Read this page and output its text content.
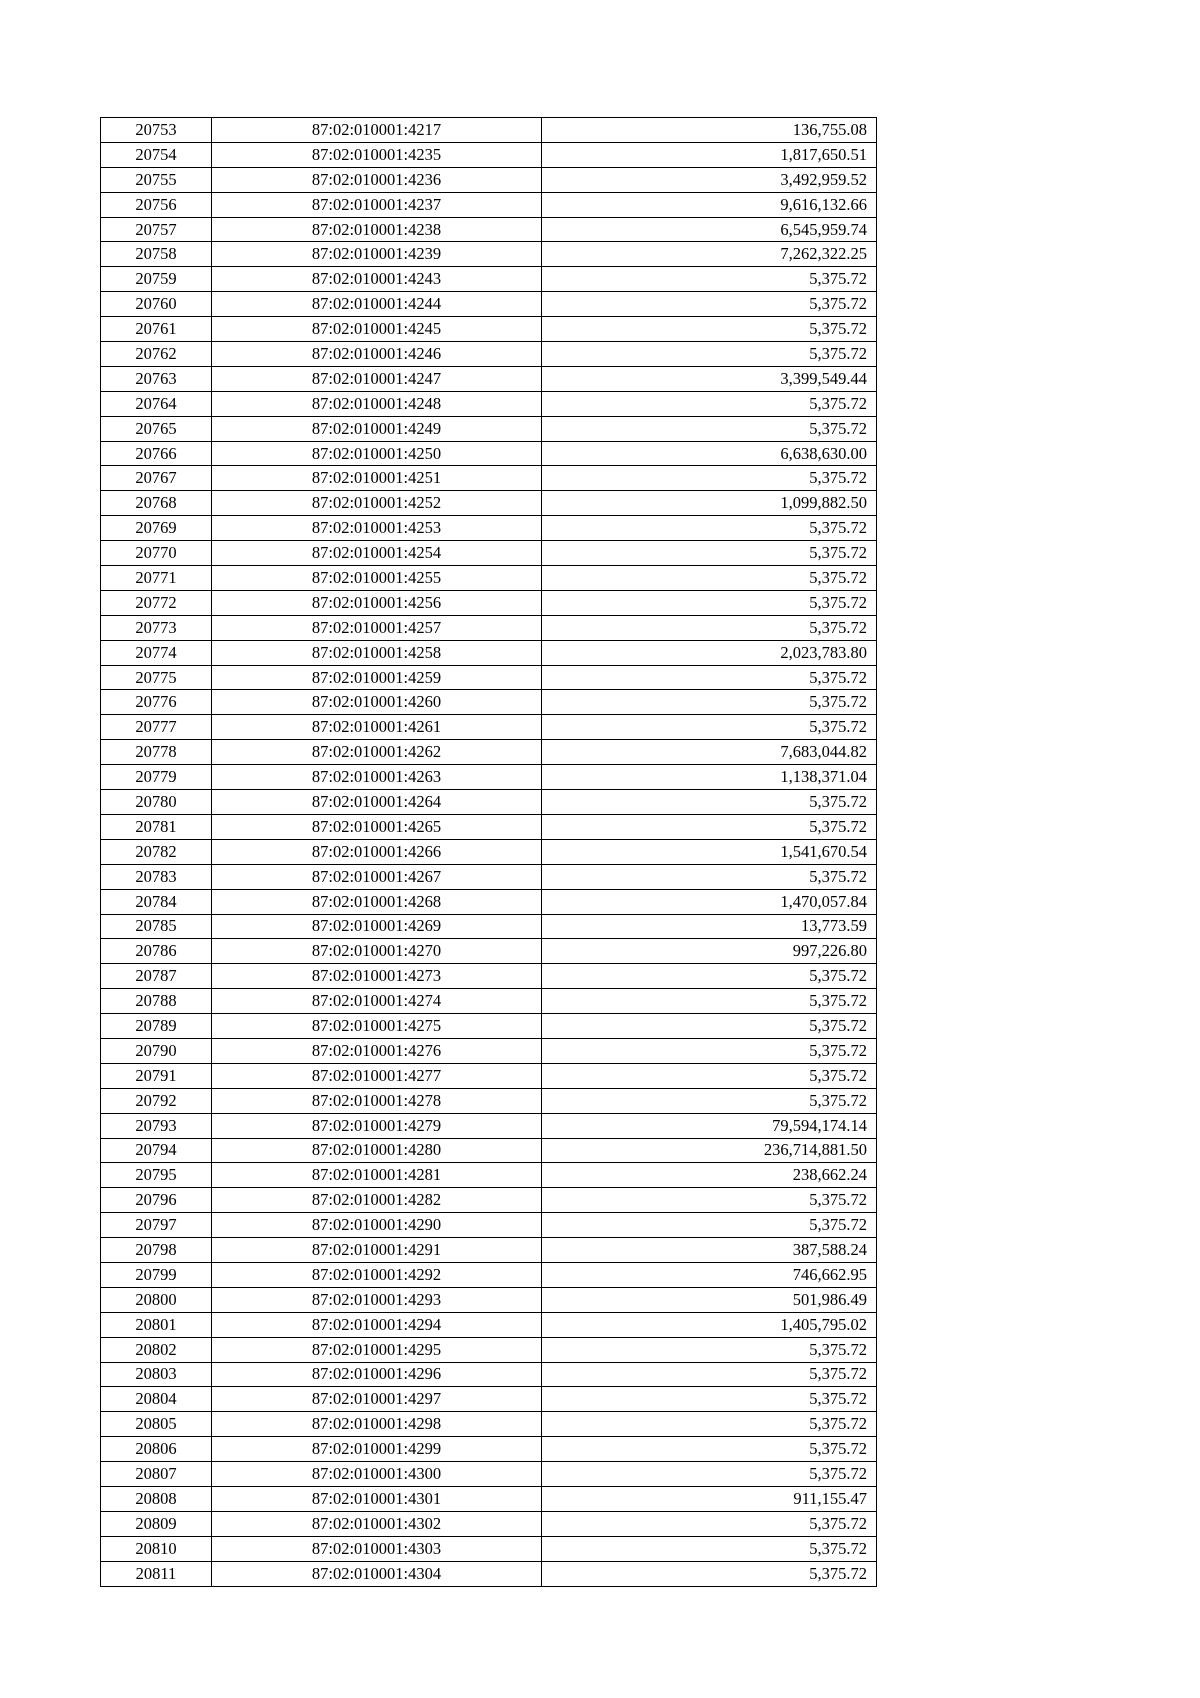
20753	87:02:010001:4217	136,755.08
20754	87:02:010001:4235	1,817,650.51
20755	87:02:010001:4236	3,492,959.52
20756	87:02:010001:4237	9,616,132.66
20757	87:02:010001:4238	6,545,959.74
20758	87:02:010001:4239	7,262,322.25
20759	87:02:010001:4243	5,375.72
20760	87:02:010001:4244	5,375.72
20761	87:02:010001:4245	5,375.72
20762	87:02:010001:4246	5,375.72
20763	87:02:010001:4247	3,399,549.44
20764	87:02:010001:4248	5,375.72
20765	87:02:010001:4249	5,375.72
20766	87:02:010001:4250	6,638,630.00
20767	87:02:010001:4251	5,375.72
20768	87:02:010001:4252	1,099,882.50
20769	87:02:010001:4253	5,375.72
20770	87:02:010001:4254	5,375.72
20771	87:02:010001:4255	5,375.72
20772	87:02:010001:4256	5,375.72
20773	87:02:010001:4257	5,375.72
20774	87:02:010001:4258	2,023,783.80
20775	87:02:010001:4259	5,375.72
20776	87:02:010001:4260	5,375.72
20777	87:02:010001:4261	5,375.72
20778	87:02:010001:4262	7,683,044.82
20779	87:02:010001:4263	1,138,371.04
20780	87:02:010001:4264	5,375.72
20781	87:02:010001:4265	5,375.72
20782	87:02:010001:4266	1,541,670.54
20783	87:02:010001:4267	5,375.72
20784	87:02:010001:4268	1,470,057.84
20785	87:02:010001:4269	13,773.59
20786	87:02:010001:4270	997,226.80
20787	87:02:010001:4273	5,375.72
20788	87:02:010001:4274	5,375.72
20789	87:02:010001:4275	5,375.72
20790	87:02:010001:4276	5,375.72
20791	87:02:010001:4277	5,375.72
20792	87:02:010001:4278	5,375.72
20793	87:02:010001:4279	79,594,174.14
20794	87:02:010001:4280	236,714,881.50
20795	87:02:010001:4281	238,662.24
20796	87:02:010001:4282	5,375.72
20797	87:02:010001:4290	5,375.72
20798	87:02:010001:4291	387,588.24
20799	87:02:010001:4292	746,662.95
20800	87:02:010001:4293	501,986.49
20801	87:02:010001:4294	1,405,795.02
20802	87:02:010001:4295	5,375.72
20803	87:02:010001:4296	5,375.72
20804	87:02:010001:4297	5,375.72
20805	87:02:010001:4298	5,375.72
20806	87:02:010001:4299	5,375.72
20807	87:02:010001:4300	5,375.72
20808	87:02:010001:4301	911,155.47
20809	87:02:010001:4302	5,375.72
20810	87:02:010001:4303	5,375.72
20811	87:02:010001:4304	5,375.72
